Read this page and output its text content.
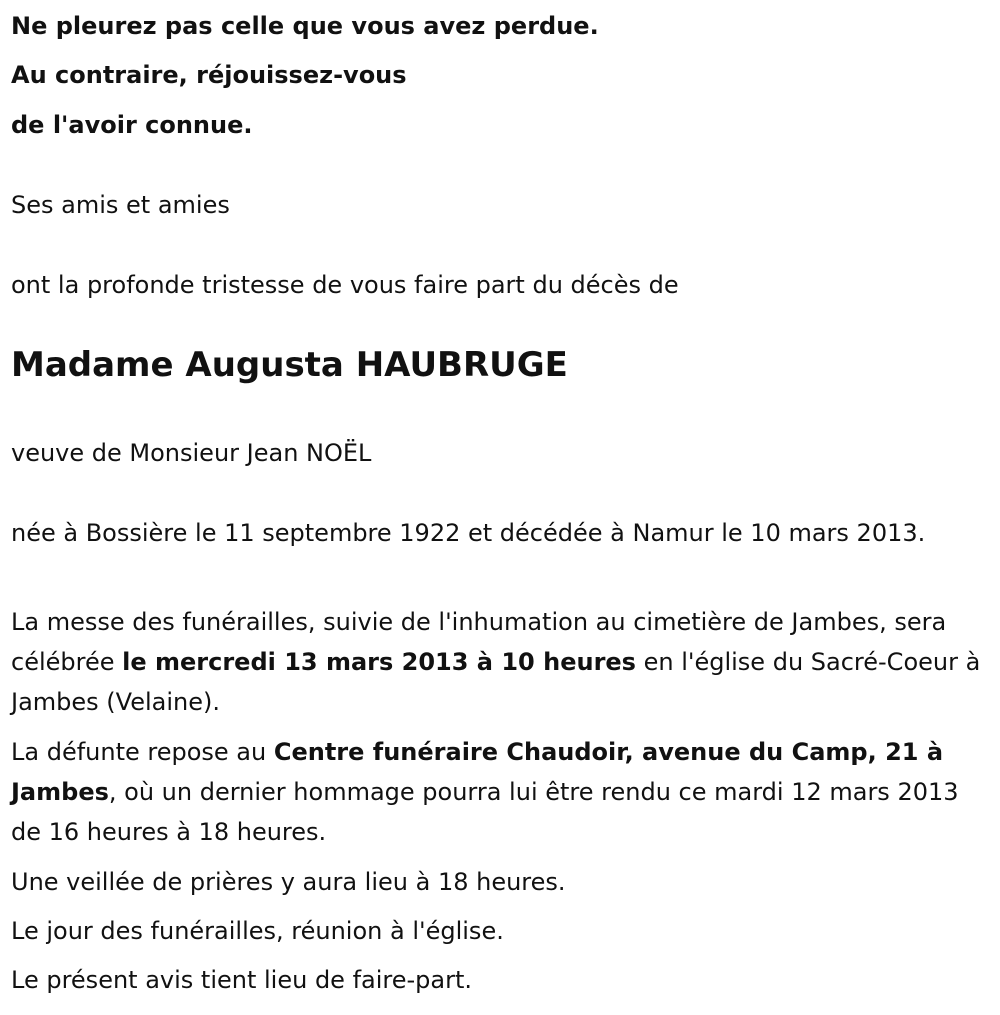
Ne pleurez pas celle que vous avez perdue.
Au contraire, réjouissez-vous
de l'avoir connue.
Ses amis et amies
ont la profonde tristesse de vous faire part du décès de
Madame Augusta HAUBRUGE
veuve de Monsieur Jean NOËL
née à Bossière le 11 septembre 1922 et décédée à Namur le 10 mars 2013.
La messe des funérailles, suivie de l'inhumation au cimetière de Jambes, sera célébrée le mercredi 13 mars 2013 à 10 heures en l'église du Sacré-Coeur à Jambes (Velaine).
La défunte repose au Centre funéraire Chaudoir, avenue du Camp, 21 à Jambes, où un dernier hommage pourra lui être rendu ce mardi 12 mars 2013 de 16 heures à 18 heures.
Une veillée de prières y aura lieu à 18 heures.
Le jour des funérailles, réunion à l'église.
Le présent avis tient lieu de faire-part.
